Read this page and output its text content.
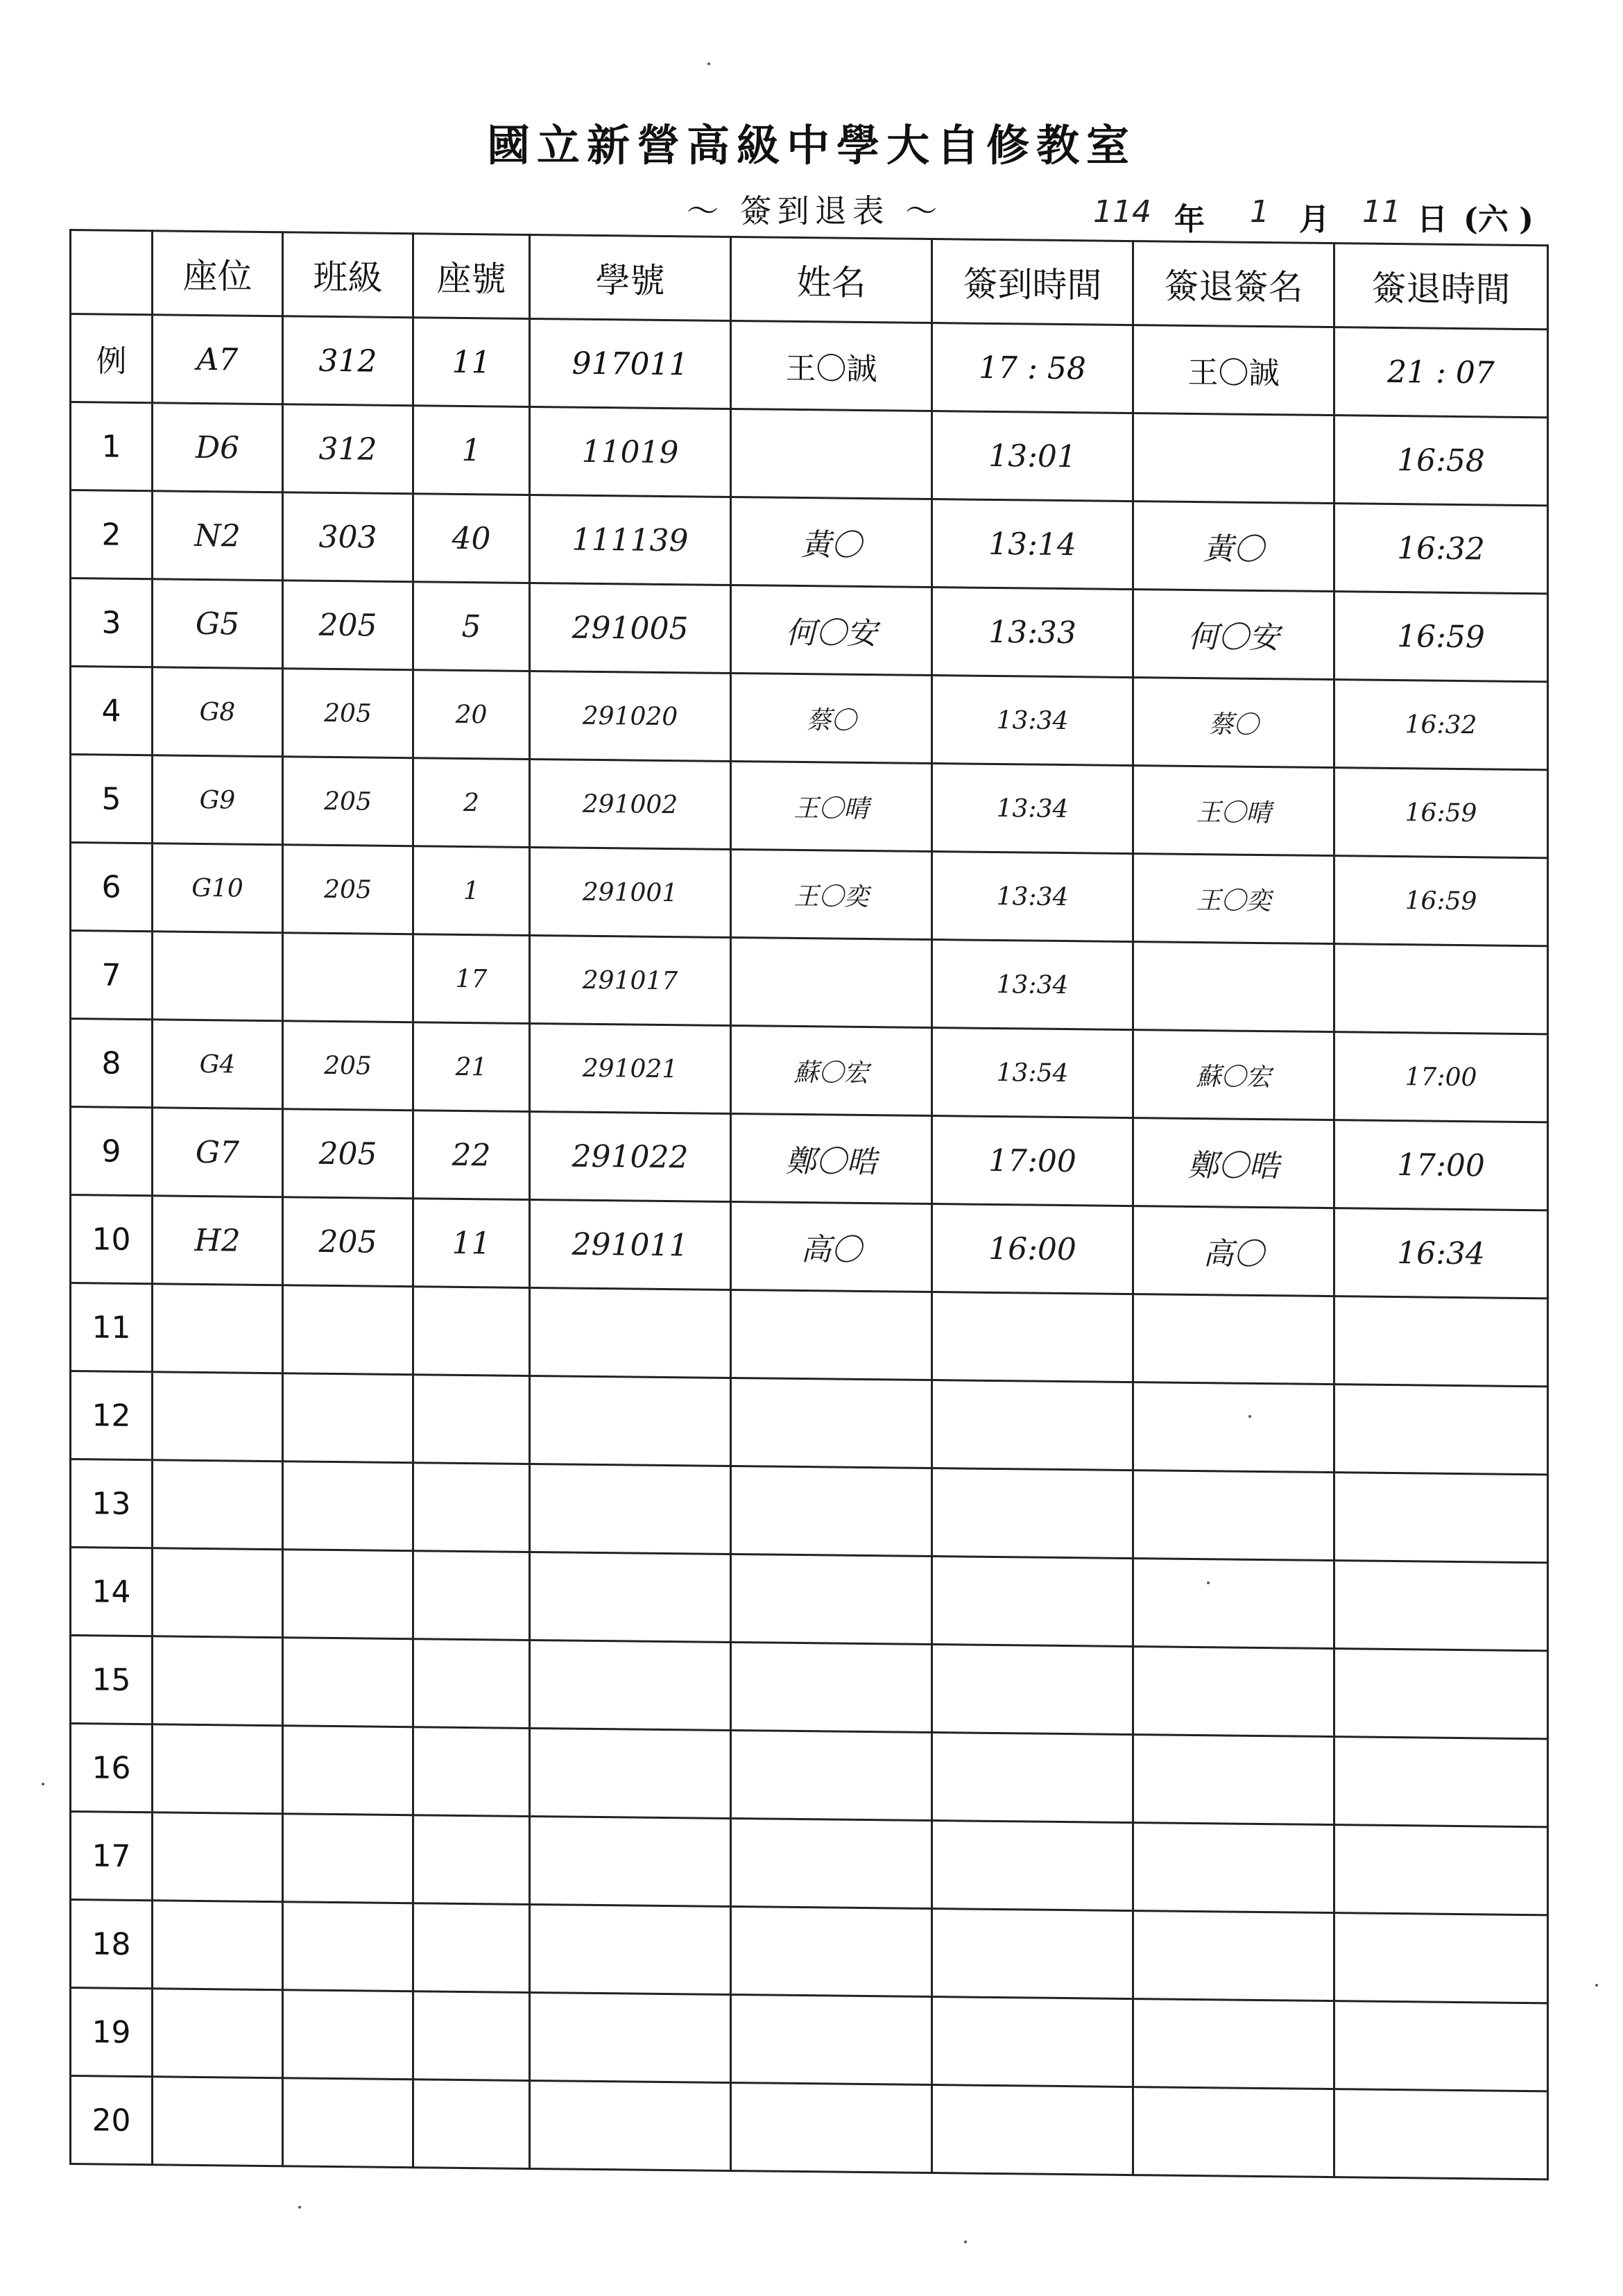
國立新營高級中學大自修教室
～ 簽到退表 ～	114 年	1 月	11 日 (六 )
	座位	班級	座號	學號	姓名	簽到時間	簽退簽名	簽退時間
例	A7	312	11	917011	王〇誠	17 : 58	王〇誠	21 : 07
1	D6	312	1	11019		13:01		16:58
2	N2	303	40	111139	黃〇	13:14	黃〇	16:32
3	G5	205	5	291005	何〇安	13:33	何〇安	16:59
4	G8	205	20	291020	蔡〇	13:34	蔡〇	16:32
5	G9	205	2	291002	王〇晴	13:34	王〇晴	16:59
6	G10	205	1	291001	王〇奕	13:34	王〇奕	16:59
7			17	291017		13:34		
8	G4	205	21	291021	蘇〇宏	13:54	蘇〇宏	17:00
9	G7	205	22	291022	鄭〇晧	17:00	鄭〇晧	17:00
10	H2	205	11	291011	高〇	16:00	高〇	16:34
11								
12								
13								
14								
15								
16								
17								
18								
19								
20								
